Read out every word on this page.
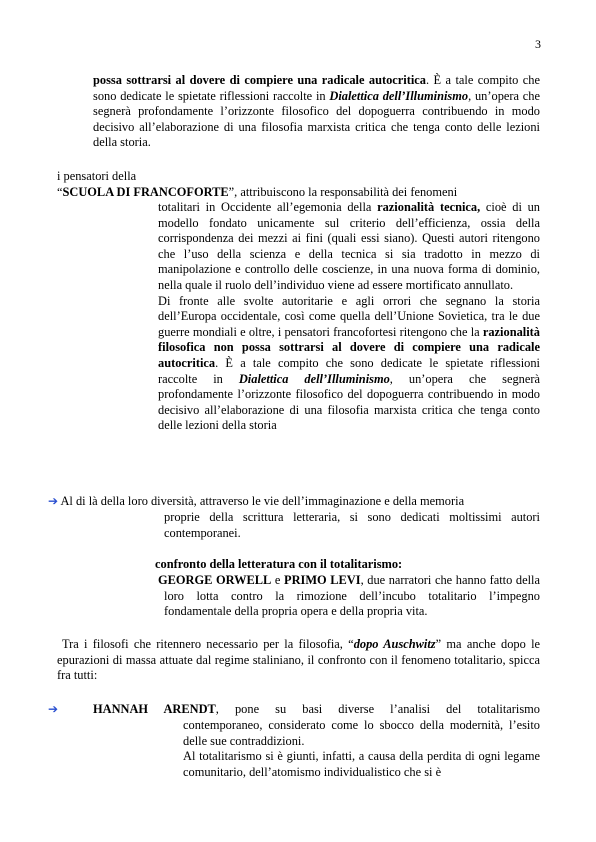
3

possa sottrarsi al dovere di compiere una radicale autocritica. È a tale compito che sono dedicate le spietate riflessioni raccolte in Dialettica dell’Illuminismo, un’opera che segnerà profondamente l’orizzonte filosofico del dopoguerra contribuendo in modo decisivo all’elaborazione di una filosofia marxista critica che tenga conto delle lezioni della storia.

i pensatori della

“SCUOLA DI FRANCOFORTE”, attribuiscono la responsabilità dei fenomeni

totalitari in Occidente all’egemonia della razionalità tecnica, cioè di un modello fondato unicamente sul criterio dell’efficienza, ossia della corrispondenza dei mezzi ai fini (quali essi siano). Questi autori ritengono che l’uso della scienza e della tecnica si sia tradotto in mezzo di manipolazione e controllo delle coscienze, in una nuova forma di dominio, nella quale il ruolo dell’individuo viene ad essere mortificato annullato.

Di fronte alle svolte autoritarie e agli orrori che segnano la storia dell’Europa occidentale, così come quella dell’Unione Sovietica, tra le due guerre mondiali e oltre, i pensatori francofortesi ritengono che la razionalità filosofica non possa sottrarsi al dovere di compiere una radicale autocritica. È a tale compito che sono dedicate le spietate riflessioni raccolte in Dialettica dell’Illuminismo, un’opera che segnerà profondamente l’orizzonte filosofico del dopoguerra contribuendo in modo decisivo all’elaborazione di una filosofia marxista critica che tenga conto delle lezioni della storia

➔ Al di là della loro diversità, attraverso le vie dell’immaginazione e della memoria

proprie della scrittura letteraria, si sono dedicati moltissimi autori contemporanei.

confronto della letteratura con il totalitarismo:

GEORGE ORWELL e PRIMO LEVI, due narratori che hanno fatto della loro lotta contro la rimozione dell’incubo totalitario l’impegno fondamentale della propria opera e della propria vita.

Tra i filosofi che ritennero necessario per la filosofia, “dopo Auschwitz” ma anche dopo le epurazioni di massa attuate dal regime staliniano, il confronto con il fenomeno totalitario, spicca fra tutti:

➔	HANNAH ARENDT, pone su basi diverse l’analisi del totalitarismo

contemporaneo, considerato come lo sbocco della modernità, l’esito delle sue contraddizioni.

Al totalitarismo si è giunti, infatti, a causa della perdita di ogni legame comunitario, dell’atomismo individualistico che si è
